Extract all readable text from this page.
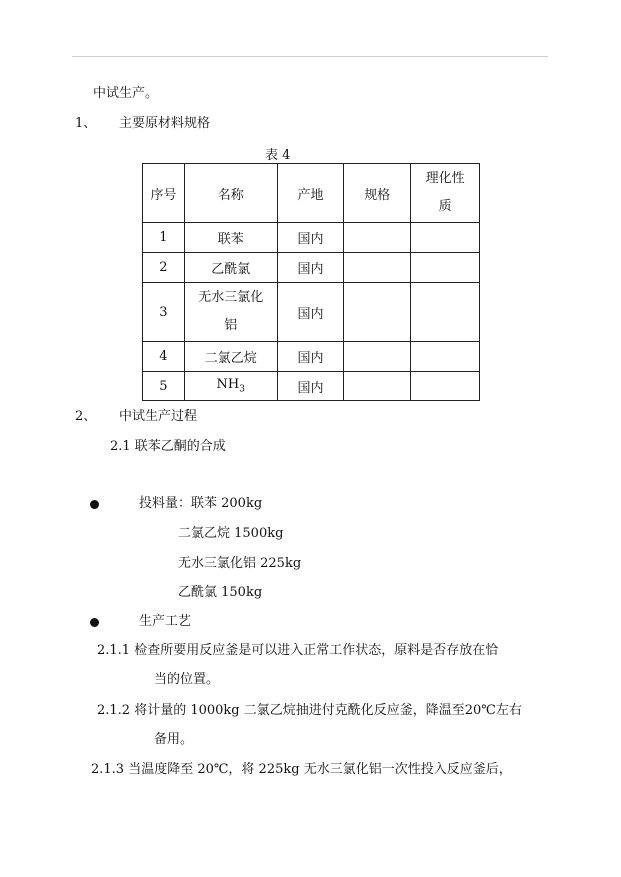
中试生产。
1、 主要原材料规格
表 4
序号	名称	产地	规格	理化性
质

1	联苯	国内		
2	乙酰氯	国内		
3	无水三氯化
铝	国内		
4	二氯乙烷	国内		
5	$NH_3$	国内		
2、 中试生产过程
2.1 联苯乙酮的合成
投料量：联苯 200kg
二氯乙烷 1500kg
无水三氯化铝 225kg
乙酰氯 150kg
生产工艺
2.1.1 检查所要用反应釜是可以进入正常工作状态，原料是否存放在恰
当的位置。
2.1.2 将计量的 1000kg 二氯乙烷抽进付克酰化反应釜，降温至20℃左右
备用。
2.1.3 当温度降至 20℃，将 225kg 无水三氯化铝一次性投入反应釜后，
